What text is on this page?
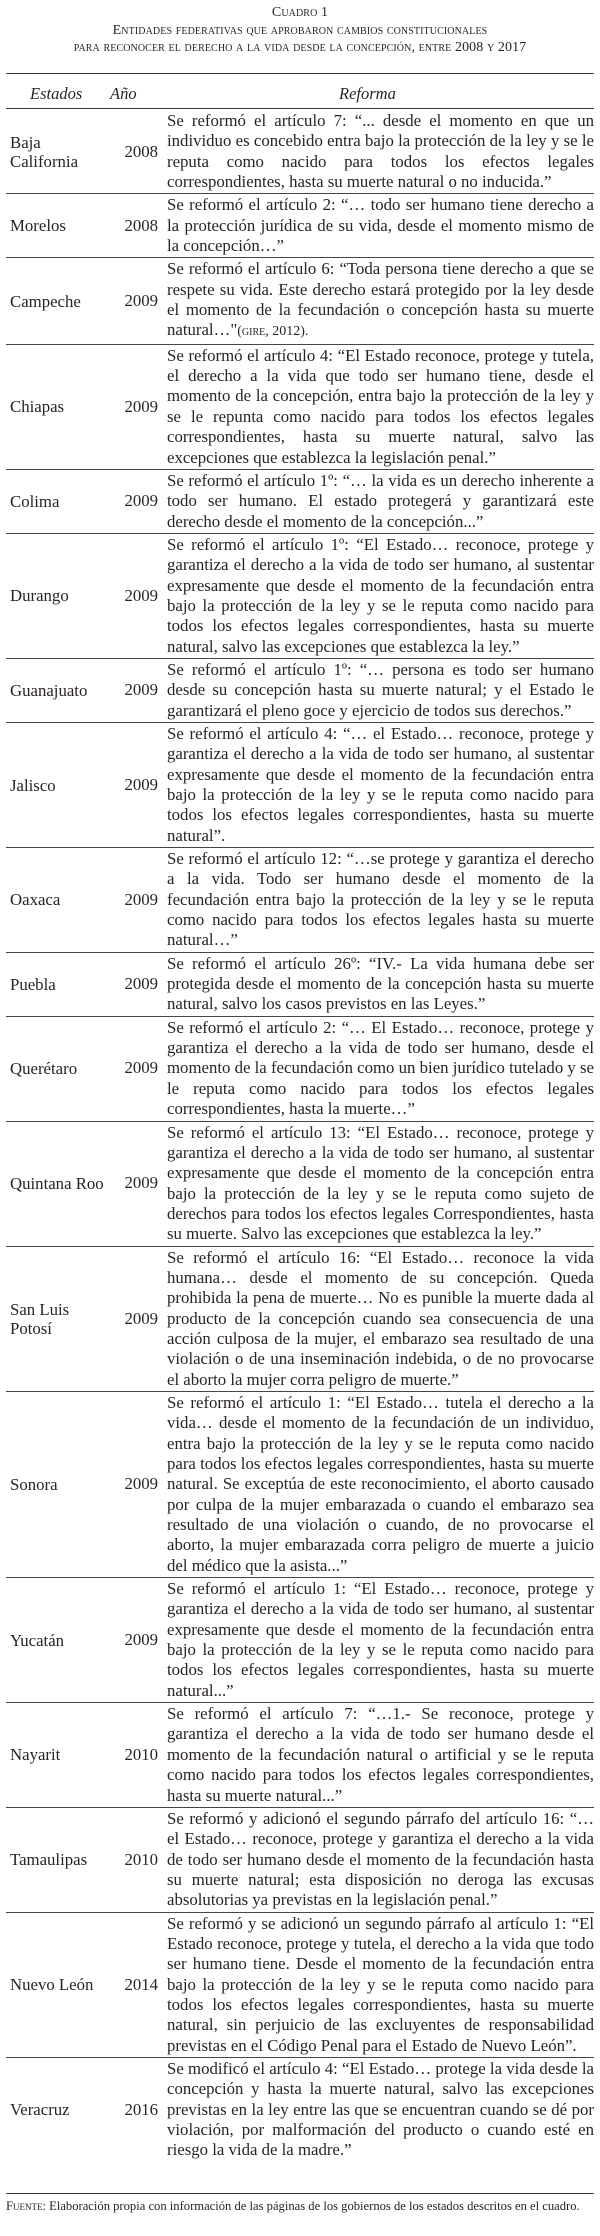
Cuadro 1
Entidades federativas que aprobaron cambios constitucionales
para reconocer el derecho a la vida desde la concepción, entre 2008 y 2017
Estados Año	Reforma
Baja California	2008	Se reformó el artículo 7: “... desde el momento en que un individuo es concebido entra bajo la protección de la ley y se le reputa como nacido para todos los efectos legales correspondientes, hasta su muerte natural o no inducida.”
Morelos	2008	Se reformó el artículo 2: “… todo ser humano tiene derecho a la protección jurídica de su vida, desde el momento mismo de la concepción…”
Campeche	2009	Se reformó el artículo 6: “Toda persona tiene derecho a que se respete su vida. Este derecho estará protegido por la ley desde el momento de la fecundación o concepción hasta su muerte natural…"(gire, 2012).
Chiapas	2009	Se reformó el artículo 4: “El Estado reconoce, protege y tutela, el derecho a la vida que todo ser humano tiene, desde el momento de la concepción, entra bajo la protección de la ley y se le repunta como nacido para todos los efectos legales correspondientes, hasta su muerte natural, salvo las excepciones que establezca la legislación penal.”
Colima	2009	Se reformó el artículo 1º: “… la vida es un derecho inherente a todo ser humano. El estado protegerá y garantizará este derecho desde el momento de la concepción...”
Durango	2009	Se reformó el artículo 1º: “El Estado… reconoce, protege y garantiza el derecho a la vida de todo ser humano, al sustentar expresamente que desde el momento de la fecundación entra bajo la protección de la ley y se le reputa como nacido para todos los efectos legales correspondientes, hasta su muerte natural, salvo las excepciones que establezca la ley.”
Guanajuato	2009	Se reformó el artículo 1º: “… persona es todo ser humano desde su concepción hasta su muerte natural; y el Estado le garantizará el pleno goce y ejercicio de todos sus derechos.”
Jalisco	2009	Se reformó el artículo 4: “… el Estado… reconoce, protege y garantiza el derecho a la vida de todo ser humano, al sustentar expresamente que desde el momento de la fecundación entra bajo la protección de la ley y se le reputa como nacido para todos los efectos legales correspondientes, hasta su muerte natural”.
Oaxaca	2009	Se reformó el artículo 12: “…se protege y garantiza el derecho a la vida. Todo ser humano desde el momento de la fecundación entra bajo la protección de la ley y se le reputa como nacido para todos los efectos legales hasta su muerte natural…”
Puebla	2009	Se reformó el artículo 26º: “IV.- La vida humana debe ser protegida desde el momento de la concepción hasta su muerte natural, salvo los casos previstos en las Leyes.”
Querétaro	2009	Se reformó el artículo 2: “… El Estado… reconoce, protege y garantiza el derecho a la vida de todo ser humano, desde el momento de la fecundación como un bien jurídico tutelado y se le reputa como nacido para todos los efectos legales correspondientes, hasta la muerte…”
Quintana Roo	2009	Se reformó el artículo 13: “El Estado… reconoce, protege y garantiza el derecho a la vida de todo ser humano, al sustentar expresamente que desde el momento de la concepción entra bajo la protección de la ley y se le reputa como sujeto de derechos para todos los efectos legales Correspondientes, hasta su muerte. Salvo las excepciones que establezca la ley.”
San Luis Potosí	2009	Se reformó el artículo 16: “El Estado… reconoce la vida humana… desde el momento de su concepción. Queda prohibida la pena de muerte… No es punible la muerte dada al producto de la concepción cuando sea consecuencia de una acción culposa de la mujer, el embarazo sea resultado de una violación o de una inseminación indebida, o de no provocarse el aborto la mujer corra peligro de muerte.”
Sonora	2009	Se reformó el artículo 1: “El Estado… tutela el derecho a la vida… desde el momento de la fecundación de un individuo, entra bajo la protección de la ley y se le reputa como nacido para todos los efectos legales correspondientes, hasta su muerte natural. Se exceptúa de este reconocimiento, el aborto causado por culpa de la mujer embarazada o cuando el embarazo sea resultado de una violación o cuando, de no provocarse el aborto, la mujer embarazada corra peligro de muerte a juicio del médico que la asista...”
Yucatán	2009	Se reformó el artículo 1: “El Estado… reconoce, protege y garantiza el derecho a la vida de todo ser humano, al sustentar expresamente que desde el momento de la fecundación entra bajo la protección de la ley y se le reputa como nacido para todos los efectos legales correspondientes, hasta su muerte natural...”
Nayarit	2010	Se reformó el artículo 7: “…1.- Se reconoce, protege y garantiza el derecho a la vida de todo ser humano desde el momento de la fecundación natural o artificial y se le reputa como nacido para todos los efectos legales correspondientes, hasta su muerte natural...”
Tamaulipas	2010	Se reformó y adicionó el segundo párrafo del artículo 16: “… el Estado… reconoce, protege y garantiza el derecho a la vida de todo ser humano desde el momento de la fecundación hasta su muerte natural; esta disposición no deroga las excusas absolutorias ya previstas en la legislación penal.”
Nuevo León	2014	Se reformó y se adicionó un segundo párrafo al artículo 1: “El Estado reconoce, protege y tutela, el derecho a la vida que todo ser humano tiene. Desde el momento de la fecundación entra bajo la protección de la ley y se le reputa como nacido para todos los efectos legales correspondientes, hasta su muerte natural, sin perjuicio de las excluyentes de responsabilidad previstas en el Código Penal para el Estado de Nuevo León”.
Veracruz	2016	Se modificó el artículo 4: “El Estado… protege la vida desde la concepción y hasta la muerte natural, salvo las excepciones previstas en la ley entre las que se encuentran cuando se dé por violación, por malformación del producto o cuando esté en riesgo la vida de la madre.”
Fuente: Elaboración propia con información de las páginas de los gobiernos de los estados descritos en el cuadro.
